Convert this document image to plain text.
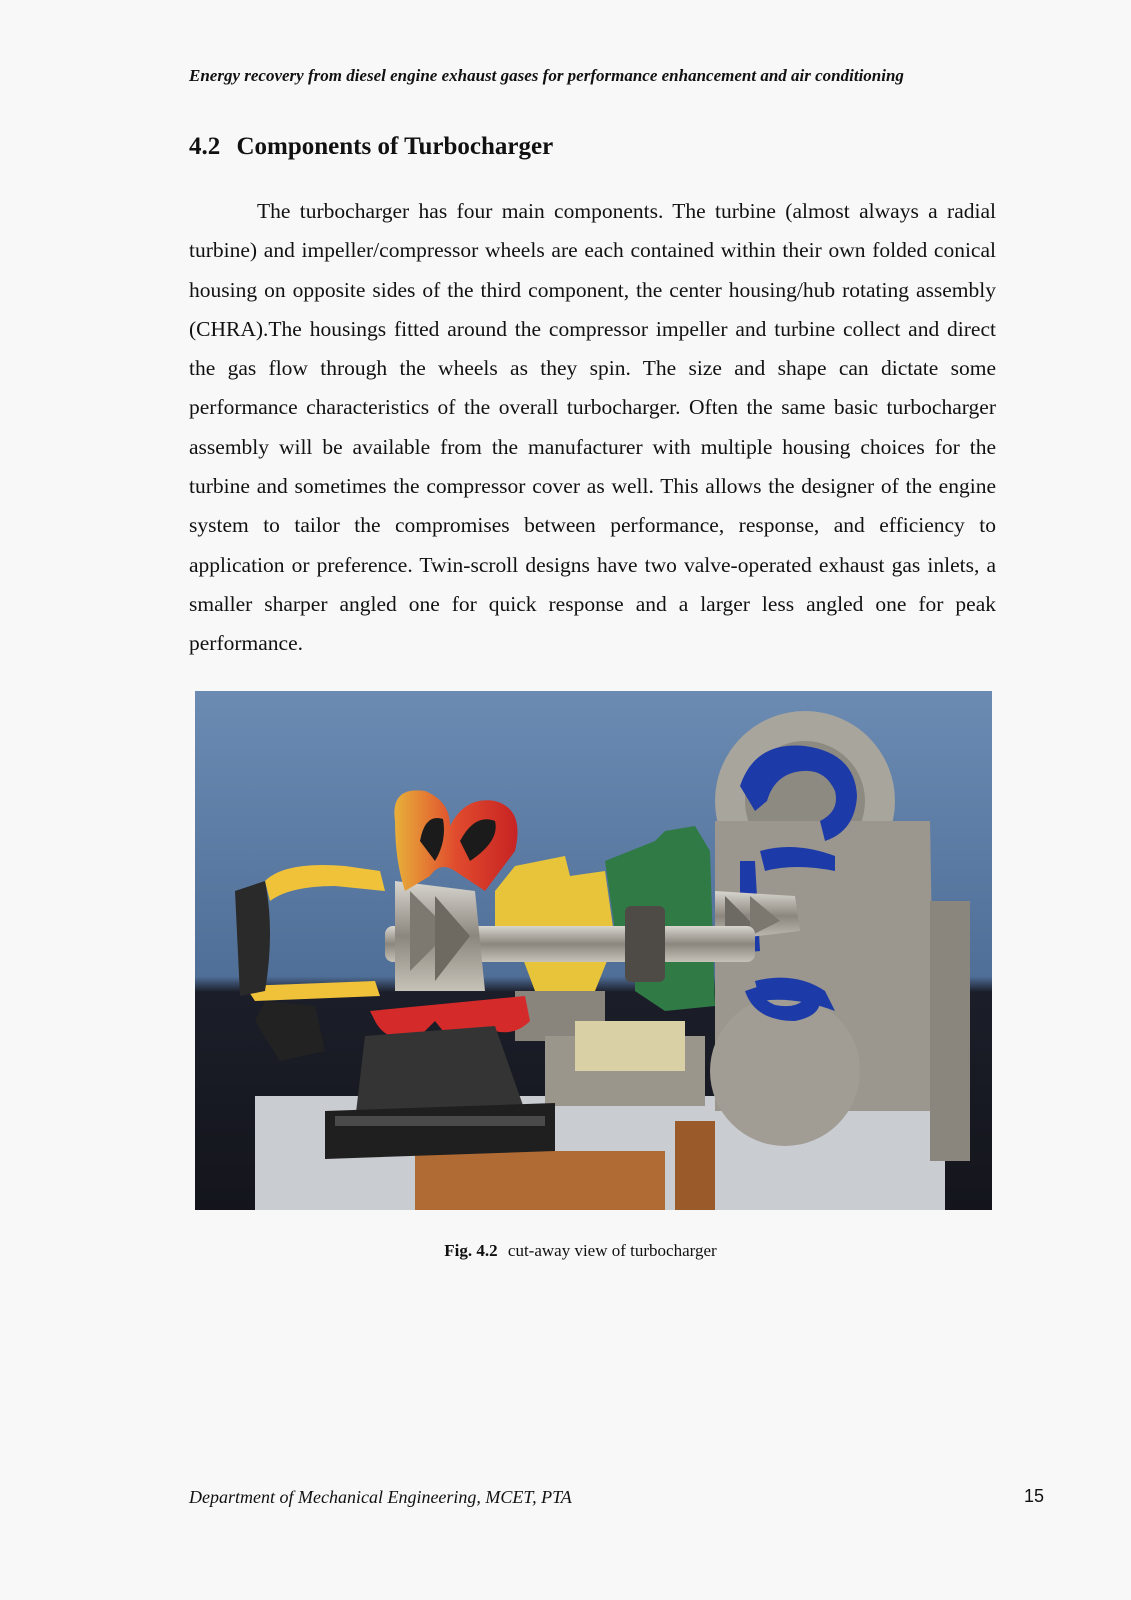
Energy recovery from diesel engine exhaust gases for performance enhancement and air conditioning
4.2 Components of Turbocharger

The turbocharger has four main components. The turbine (almost always a radial turbine) and impeller/compressor wheels are each contained within their own folded conical housing on opposite sides of the third component, the center housing/hub rotating assembly (CHRA).The housings fitted around the compressor impeller and turbine collect and direct the gas flow through the wheels as they spin. The size and shape can dictate some performance characteristics of the overall turbocharger. Often the same basic turbocharger assembly will be available from the manufacturer with multiple housing choices for the turbine and sometimes the compressor cover as well. This allows the designer of the engine system to tailor the compromises between performance, response, and efficiency to application or preference. Twin-scroll designs have two valve-operated exhaust gas inlets, a smaller sharper angled one for quick response and a larger less angled one for peak performance.

Fig. 4.2 cut-away view of turbocharger
Department of Mechanical Engineering, MCET, PTA	15
